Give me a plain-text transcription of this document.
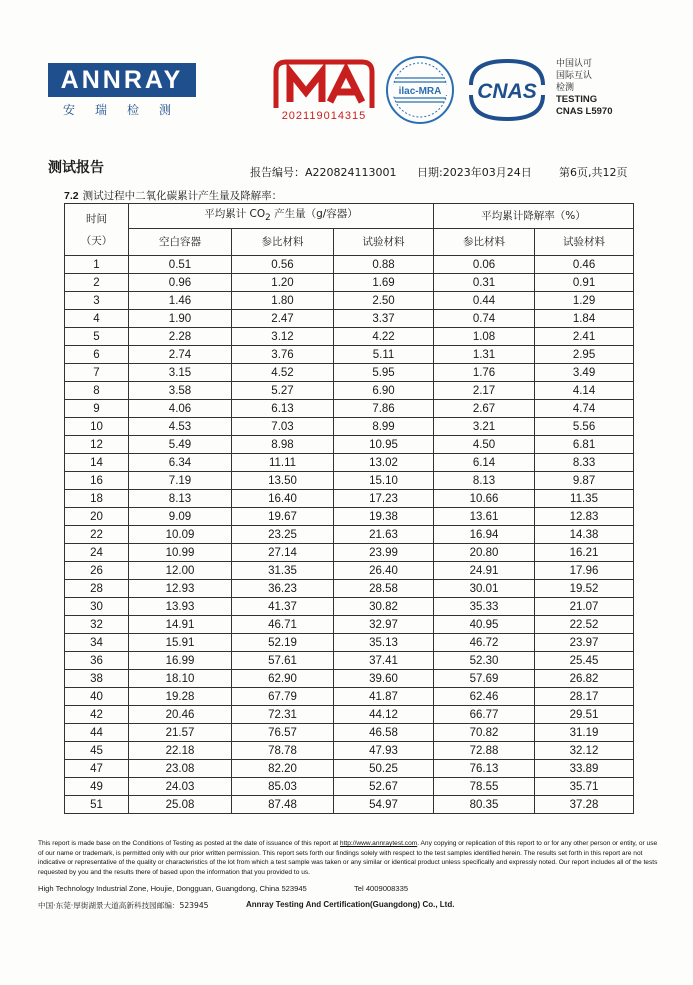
ANNRAY
安瑞检测	202119014315
ilac-MRA CNAS
中国认可
国际互认
检测
TESTING
CNAS L5970
测试报告	报告编号：A220824113001 日期:2023年03月24日 第6页,共12页
7.2 测试过程中二氧化碳累计产生量及降解率：
时间
（天）	平均累计 $CO_2$ 产生量（g/容器）			平均累计降解率（%）	
	空白容器	参比材料	试验材料	参比材料	试验材料
1	0.51	0.56	0.88	0.06	0.46
2	0.96	1.20	1.69	0.31	0.91
3	1.46	1.80	2.50	0.44	1.29
4	1.90	2.47	3.37	0.74	1.84
5	2.28	3.12	4.22	1.08	2.41
6	2.74	3.76	5.11	1.31	2.95
7	3.15	4.52	5.95	1.76	3.49
8	3.58	5.27	6.90	2.17	4.14
9	4.06	6.13	7.86	2.67	4.74
10	4.53	7.03	8.99	3.21	5.56
12	5.49	8.98	10.95	4.50	6.81
14	6.34	11.11	13.02	6.14	8.33
16	7.19	13.50	15.10	8.13	9.87
18	8.13	16.40	17.23	10.66	11.35
20	9.09	19.67	19.38	13.61	12.83
22	10.09	23.25	21.63	16.94	14.38
24	10.99	27.14	23.99	20.80	16.21
26	12.00	31.35	26.40	24.91	17.96
28	12.93	36.23	28.58	30.01	19.52
30	13.93	41.37	30.82	35.33	21.07
32	14.91	46.71	32.97	40.95	22.52
34	15.91	52.19	35.13	46.72	23.97
36	16.99	57.61	37.41	52.30	25.45
38	18.10	62.90	39.60	57.69	26.82
40	19.28	67.79	41.87	62.46	28.17
42	20.46	72.31	44.12	66.77	29.51
44	21.57	76.57	46.58	70.82	31.19
45	22.18	78.78	47.93	72.88	32.12
47	23.08	82.20	50.25	76.13	33.89
49	24.03	85.03	52.67	78.55	35.71
51	25.08	87.48	54.97	80.35	37.28
This report is made base on the Conditions of Testing as posted at the date of issuance of this report at http://www.annraytest.com. Any copying or replication of this report to or for any other person or entity, or use of our name or trademark, is permitted only with our prior written permission. This report sets forth our findings solely with respect to the test samples identified herein. The results set forth in this report are not indicative or representative of the quality or characteristics of the lot from which a test sample was taken or any similar or identical product unless specifically and expressly noted. Our report includes all of the tests requested by you and the results there of based upon the information that you provided to us.
High Technology Industrial Zone, Houjie, Dongguan, Guangdong, China 523945	Tel 4009008335
中国·东莞·厚街湖景大道高新科技园邮编：523945	Annray Testing And Certification(Guangdong) Co., Ltd.
